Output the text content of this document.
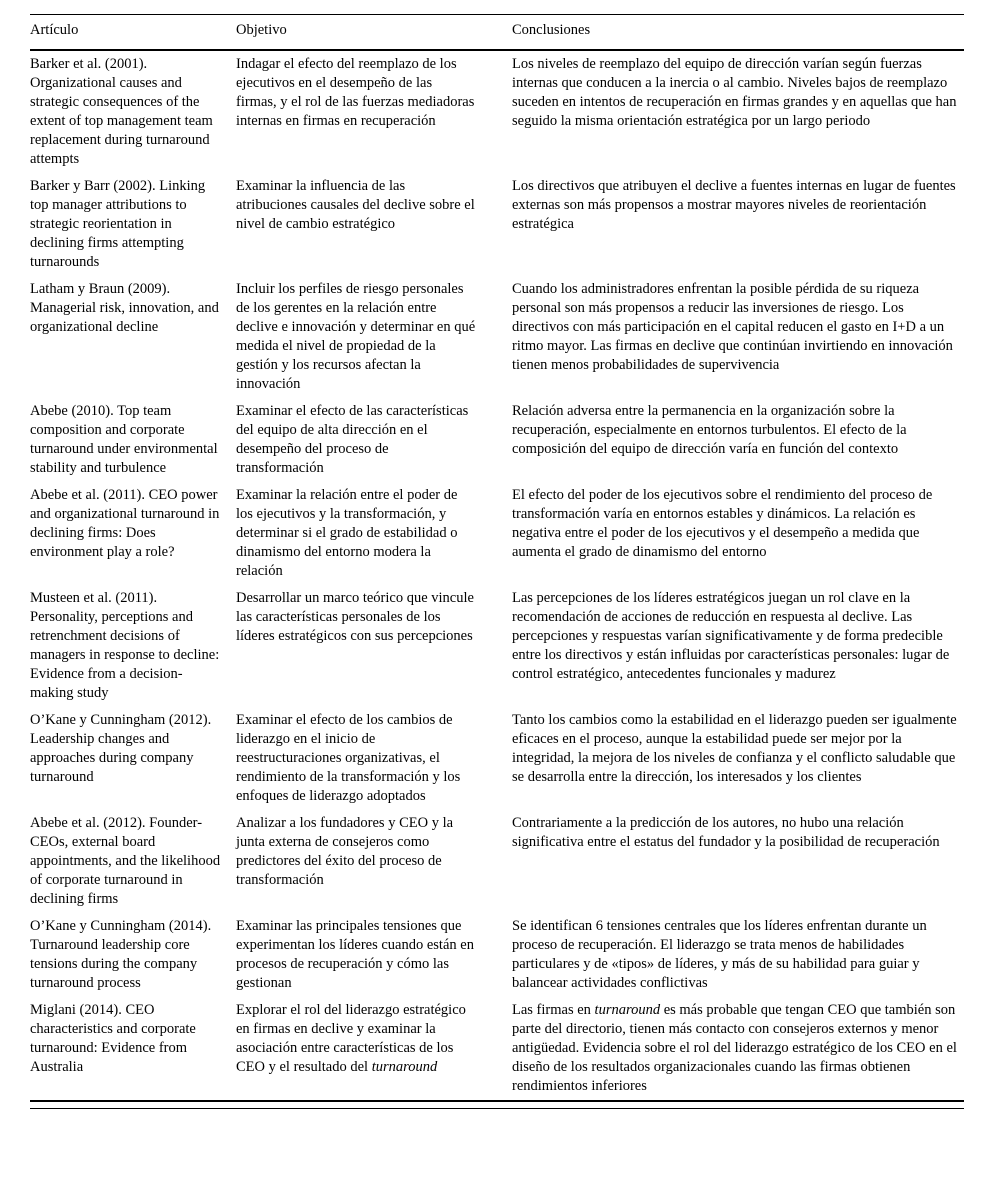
Artículo	Objetivo	Conclusiones
Barker et al. (2001). Organizational causes and strategic consequences of the extent of top management team replacement during turnaround attempts
Indagar el efecto del reemplazo de los ejecutivos en el desempeño de las firmas, y el rol de las fuerzas mediadoras internas en firmas en recuperación
Los niveles de reemplazo del equipo de dirección varían según fuerzas internas que conducen a la inercia o al cambio. Niveles bajos de reemplazo suceden en intentos de recuperación en firmas grandes y en aquellas que han seguido la misma orientación estratégica por un largo periodo
Barker y Barr (2002). Linking top manager attributions to strategic reorientation in declining firms attempting turnarounds
Examinar la influencia de las atribuciones causales del declive sobre el nivel de cambio estratégico
Los directivos que atribuyen el declive a fuentes internas en lugar de fuentes externas son más propensos a mostrar mayores niveles de reorientación estratégica
Latham y Braun (2009). Managerial risk, innovation, and organizational decline
Incluir los perfiles de riesgo personales de los gerentes en la relación entre declive e innovación y determinar en qué medida el nivel de propiedad de la gestión y los recursos afectan la innovación
Cuando los administradores enfrentan la posible pérdida de su riqueza personal son más propensos a reducir las inversiones de riesgo. Los directivos con más participación en el capital reducen el gasto en I+D a un ritmo mayor. Las firmas en declive que continúan invirtiendo en innovación tienen menos probabilidades de supervivencia
Abebe (2010). Top team composition and corporate turnaround under environmental stability and turbulence
Examinar el efecto de las características del equipo de alta dirección en el desempeño del proceso de transformación
Relación adversa entre la permanencia en la organización sobre la recuperación, especialmente en entornos turbulentos. El efecto de la composición del equipo de dirección varía en función del contexto
Abebe et al. (2011). CEO power and organizational turnaround in declining firms: Does environment play a role?
Examinar la relación entre el poder de los ejecutivos y la transformación, y determinar si el grado de estabilidad o dinamismo del entorno modera la relación
El efecto del poder de los ejecutivos sobre el rendimiento del proceso de transformación varía en entornos estables y dinámicos. La relación es negativa entre el poder de los ejecutivos y el desempeño a medida que aumenta el grado de dinamismo del entorno
Musteen et al. (2011). Personality, perceptions and retrenchment decisions of managers in response to decline: Evidence from a decision-making study
Desarrollar un marco teórico que vincule las características personales de los líderes estratégicos con sus percepciones
Las percepciones de los líderes estratégicos juegan un rol clave en la recomendación de acciones de reducción en respuesta al declive. Las percepciones y respuestas varían significativamente y de forma predecible entre los directivos y están influidas por características personales: lugar de control estratégico, antecedentes funcionales y madurez
O’Kane y Cunningham (2012). Leadership changes and approaches during company turnaround
Examinar el efecto de los cambios de liderazgo en el inicio de reestructuraciones organizativas, el rendimiento de la transformación y los enfoques de liderazgo adoptados
Tanto los cambios como la estabilidad en el liderazgo pueden ser igualmente eficaces en el proceso, aunque la estabilidad puede ser mejor por la integridad, la mejora de los niveles de confianza y el conflicto saludable que se desarrolla entre la dirección, los interesados y los clientes
Abebe et al. (2012). Founder-CEOs, external board appointments, and the likelihood of corporate turnaround in declining firms
Analizar a los fundadores y CEO y la junta externa de consejeros como predictores del éxito del proceso de transformación
Contrariamente a la predicción de los autores, no hubo una relación significativa entre el estatus del fundador y la posibilidad de recuperación
O’Kane y Cunningham (2014). Turnaround leadership core tensions during the company turnaround process
Examinar las principales tensiones que experimentan los líderes cuando están en procesos de recuperación y cómo las gestionan
Se identifican 6 tensiones centrales que los líderes enfrentan durante un proceso de recuperación. El liderazgo se trata menos de habilidades particulares y de «tipos» de líderes, y más de su habilidad para guiar y balancear actividades conflictivas
Miglani (2014). CEO characteristics and corporate turnaround: Evidence from Australia
Explorar el rol del liderazgo estratégico en firmas en declive y examinar la asociación entre características de los CEO y el resultado del turnaround
Las firmas en turnaround es más probable que tengan CEO que también son parte del directorio, tienen más contacto con consejeros externos y menor antigüedad. Evidencia sobre el rol del liderazgo estratégico de los CEO en el diseño de los resultados organizacionales cuando las firmas obtienen rendimientos inferiores
